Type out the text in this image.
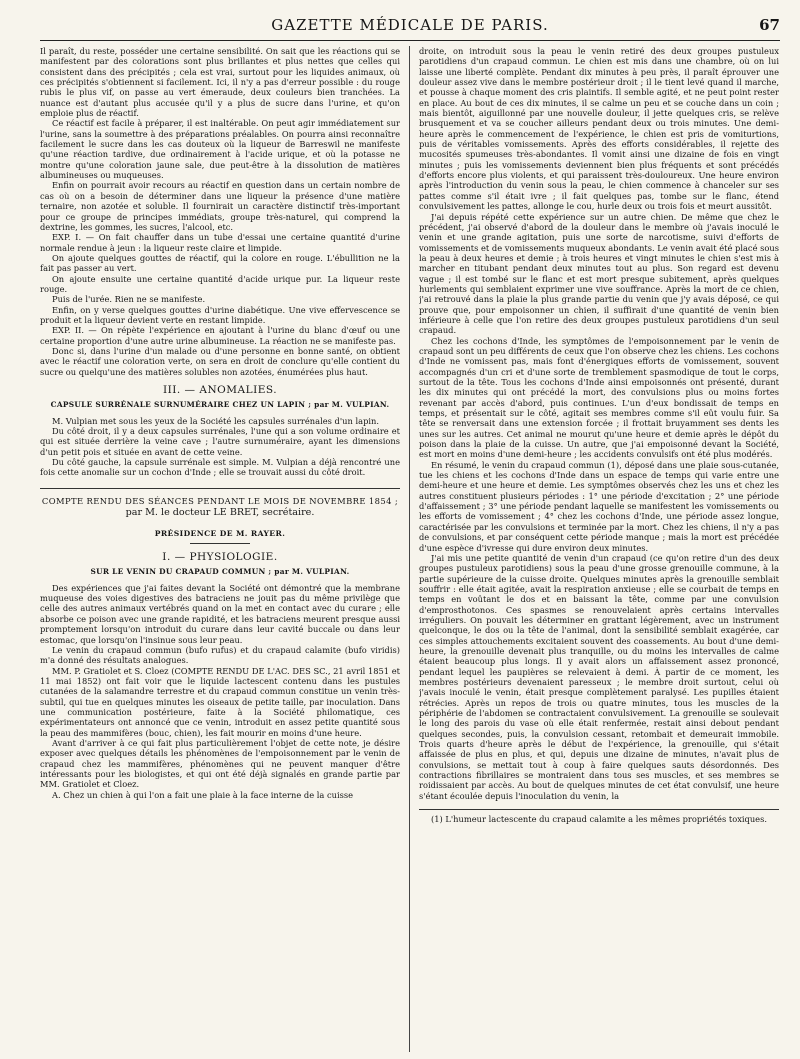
GAZETTE MÉDICALE DE PARIS.	67

Il paraît, du reste, posséder une certaine sensibilité. On sait que les réactions qui se manifestent par des colorations sont plus brillantes et plus nettes que celles qui consistent dans des précipités ; cela est vrai, surtout pour les liquides animaux, où ces précipités s'obtiennent si facilement. Ici, il n'y a pas d'erreur possible : du rouge rubis le plus vif, on passe au vert émeraude, deux couleurs bien tranchées. La nuance est d'autant plus accusée qu'il y a plus de sucre dans l'urine, et qu'on emploie plus de réactif.

Ce réactif est facile à préparer, il est inaltérable. On peut agir immédiatement sur l'urine, sans la soumettre à des préparations préalables. On pourra ainsi reconnaître facilement le sucre dans les cas douteux où la liqueur de Barreswil ne manifeste qu'une réaction tardive, due ordinairement à l'acide urique, et où la potasse ne montre qu'une coloration jaune sale, due peut-être à la dissolution de matières albumineuses ou muqueuses.

Enfin on pourrait avoir recours au réactif en question dans un certain nombre de cas où on a besoin de déterminer dans une liqueur la présence d'une matière ternaire, non azotée et soluble. Il fournirait un caractère distinctif très-important pour ce groupe de principes immédiats, groupe très-naturel, qui comprend la dextrine, les gommes, les sucres, l'alcool, etc.

EXP. I. — On fait chauffer dans un tube d'essai une certaine quantité d'urine normale rendue à jeun : la liqueur reste claire et limpide.

On ajoute quelques gouttes de réactif, qui la colore en rouge. L'ébullition ne la fait pas passer au vert.

On ajoute ensuite une certaine quantité d'acide urique pur. La liqueur reste rouge.

Puis de l'urée. Rien ne se manifeste.

Enfin, on y verse quelques gouttes d'urine diabétique. Une vive effervescence se produit et la liqueur devient verte en restant limpide.

EXP. II. — On répète l'expérience en ajoutant à l'urine du blanc d'œuf ou une certaine proportion d'une autre urine albumineuse. La réaction ne se manifeste pas.

Donc si, dans l'urine d'un malade ou d'une personne en bonne santé, on obtient avec le réactif une coloration verte, on sera en droit de conclure qu'elle contient du sucre ou quelqu'une des matières solubles non azotées, énumérées plus haut.

III. — ANOMALIES.
CAPSULE SURRÉNALE SURNUMÉRAIRE CHEZ UN LAPIN ; par M. VULPIAN.

M. Vulpian met sous les yeux de la Société les capsules surrénales d'un lapin.

Du côté droit, il y a deux capsules surrénales, l'une qui a son volume ordinaire et qui est située derrière la veine cave ; l'autre surnuméraire, ayant les dimensions d'un petit pois et située en avant de cette veine.

Du côté gauche, la capsule surrénale est simple. M. Vulpian a déjà rencontré une fois cette anomalie sur un cochon d'Inde ; elle se trouvait aussi du côté droit.

COMPTE RENDU DES SÉANCES PENDANT LE MOIS DE NOVEMBRE 1854 ;
par M. le docteur LE BRET, secrétaire.
PRÉSIDENCE DE M. RAYER.
I. — PHYSIOLOGIE.
SUR LE VENIN DU CRAPAUD COMMUN ; par M. VULPIAN.

Des expériences que j'ai faites devant la Société ont démontré que la membrane muqueuse des voies digestives des batraciens ne jouit pas du même privilège que celle des autres animaux vertébrés quand on la met en contact avec du curare ; elle absorbe ce poison avec une grande rapidité, et les batraciens meurent presque aussi promptement lorsqu'on introduit du curare dans leur cavité buccale ou dans leur estomac, que lorsqu'on l'insinue sous leur peau.

Le venin du crapaud commun (bufo rufus) et du crapaud calamite (bufo viridis) m'a donné des résultats analogues.

MM. P. Gratiolet et S. Cloez (COMPTE RENDU DE L'AC. DES SC., 21 avril 1851 et 11 mai 1852) ont fait voir que le liquide lactescent contenu dans les pustules cutanées de la salamandre terrestre et du crapaud commun constitue un venin très-subtil, qui tue en quelques minutes les oiseaux de petite taille, par inoculation. Dans une communication postérieure, faite à la Société philomatique, ces expérimentateurs ont annoncé que ce venin, introduit en assez petite quantité sous la peau des mammifères (bouc, chien), les fait mourir en moins d'une heure.

Avant d'arriver à ce qui fait plus particulièrement l'objet de cette note, je désire exposer avec quelques détails les phénomènes de l'empoisonnement par le venin de crapaud chez les mammifères, phénomènes qui ne peuvent manquer d'être intéressants pour les biologistes, et qui ont été déjà signalés en grande partie par MM. Gratiolet et Cloez.

A. Chez un chien à qui l'on a fait une plaie à la face interne de la cuisse

droite, on introduit sous la peau le venin retiré des deux groupes pustuleux parotidiens d'un crapaud commun. Le chien est mis dans une chambre, où on lui laisse une liberté complète. Pendant dix minutes à peu près, il paraît éprouver une douleur assez vive dans le membre postérieur droit ; il le tient levé quand il marche, et pousse à chaque moment des cris plaintifs. Il semble agité, et ne peut point rester en place. Au bout de ces dix minutes, il se calme un peu et se couche dans un coin ; mais bientôt, aiguillonné par une nouvelle douleur, il jette quelques cris, se relève brusquement et va se coucher ailleurs pendant deux ou trois minutes. Une demi-heure après le commencement de l'expérience, le chien est pris de vomiturtions, puis de véritables vomissements. Après des efforts considérables, il rejette des mucosités spumeuses très-abondantes. Il vomit ainsi une dizaine de fois en vingt minutes ; puis les vomissements deviennent bien plus fréquents et sont précédés d'efforts encore plus violents, et qui paraissent très-douloureux. Une heure environ après l'introduction du venin sous la peau, le chien commence à chanceler sur ses pattes comme s'il était ivre ; il fait quelques pas, tombe sur le flanc, étend convulsivement les pattes, allonge le cou, hurle deux ou trois fois et meurt aussitôt.

J'ai depuis répété cette expérience sur un autre chien. De même que chez le précédent, j'ai observé d'abord de la douleur dans le membre où j'avais inoculé le venin et une grande agitation, puis une sorte de narcotisme, suivi d'efforts de vomissements et de vomissements muqueux abondants. Le venin avait été placé sous la peau à deux heures et demie ; à trois heures et vingt minutes le chien s'est mis à marcher en titubant pendant deux minutes tout au plus. Son regard est devenu vague ; il est tombé sur le flanc et est mort presque subitement, après quelques hurlements qui semblaient exprimer une vive souffrance. Après la mort de ce chien, j'ai retrouvé dans la plaie la plus grande partie du venin que j'y avais déposé, ce qui prouve que, pour empoisonner un chien, il suffirait d'une quantité de venin bien inférieure à celle que l'on retire des deux groupes pustuleux parotidiens d'un seul crapaud.

Chez les cochons d'Inde, les symptômes de l'empoisonnement par le venin de crapaud sont un peu différents de ceux que l'on observe chez les chiens. Les cochons d'Inde ne vomissent pas, mais font d'énergiques efforts de vomissement, souvent accompagnés d'un cri et d'une sorte de tremblement spasmodique de tout le corps, surtout de la tête. Tous les cochons d'Inde ainsi empoisonnés ont présenté, durant les dix minutes qui ont précédé la mort, des convulsions plus ou moins fortes revenant par accès d'abord, puis continues. L'un d'eux bondissait de temps en temps, et présentait sur le côté, agitait ses membres comme s'il eût voulu fuir. Sa tête se renversait dans une extension forcée ; il frottait bruyamment ses dents les unes sur les autres. Cet animal ne mourut qu'une heure et demie après le dépôt du poison dans la plaie de la cuisse. Un autre, que j'ai empoisonné devant la Société, est mort en moins d'une demi-heure ; les accidents convulsifs ont été plus modérés.

En résumé, le venin du crapaud commun (1), déposé dans une plaie sous-cutanée, tue les chiens et les cochons d'Inde dans un espace de temps qui varie entre une demi-heure et une heure et demie. Les symptômes observés chez les uns et chez les autres constituent plusieurs périodes : 1° une période d'excitation ; 2° une période d'affaissement ; 3° une période pendant laquelle se manifestent les vomissements ou les efforts de vomissement ; 4° chez les cochons d'Inde, une période assez longue, caractérisée par les convulsions et terminée par la mort. Chez les chiens, il n'y a pas de convulsions, et par conséquent cette période manque ; mais la mort est précédée d'une espèce d'ivresse qui dure environ deux minutes.

J'ai mis une petite quantité de venin d'un crapaud (ce qu'on retire d'un des deux groupes pustuleux parotidiens) sous la peau d'une grosse grenouille commune, à la partie supérieure de la cuisse droite. Quelques minutes après la grenouille semblait souffrir : elle était agitée, avait la respiration anxieuse ; elle se courbait de temps en temps en voûtant le dos et en baissant la tête, comme par une convulsion d'emprosthotonos. Ces spasmes se renouvelaient après certains intervalles irréguliers. On pouvait les déterminer en grattant légèrement, avec un instrument quelconque, le dos ou la tête de l'animal, dont la sensibilité semblait exagérée, car ces simples attouchements excitaient souvent des coassements. Au bout d'une demi-heure, la grenouille devenait plus tranquille, ou du moins les intervalles de calme étaient beaucoup plus longs. Il y avait alors un affaissement assez prononcé, pendant lequel les paupières se relevaient à demi. À partir de ce moment, les membres postérieurs devenaient paresseux ; le membre droit surtout, celui où j'avais inoculé le venin, était presque complètement paralysé. Les pupilles étaient rétrécies. Après un repos de trois ou quatre minutes, tous les muscles de la périphérie de l'abdomen se contractaient convulsivement. La grenouille se soulevait le long des parois du vase où elle était renfermée, restait ainsi debout pendant quelques secondes, puis, la convulsion cessant, retombait et demeurait immobile. Trois quarts d'heure après le début de l'expérience, la grenouille, qui s'était affaissée de plus en plus, et qui, depuis une dizaine de minutes, n'avait plus de convulsions, se mettait tout à coup à faire quelques sauts désordonnés. Des contractions fibrillaires se montraient dans tous ses muscles, et ses membres se roidissaient par accès. Au bout de quelques minutes de cet état convulsif, une heure s'étant écoulée depuis l'inoculation du venin, la

(1) L'humeur lactescente du crapaud calamite a les mêmes propriétés toxiques.
